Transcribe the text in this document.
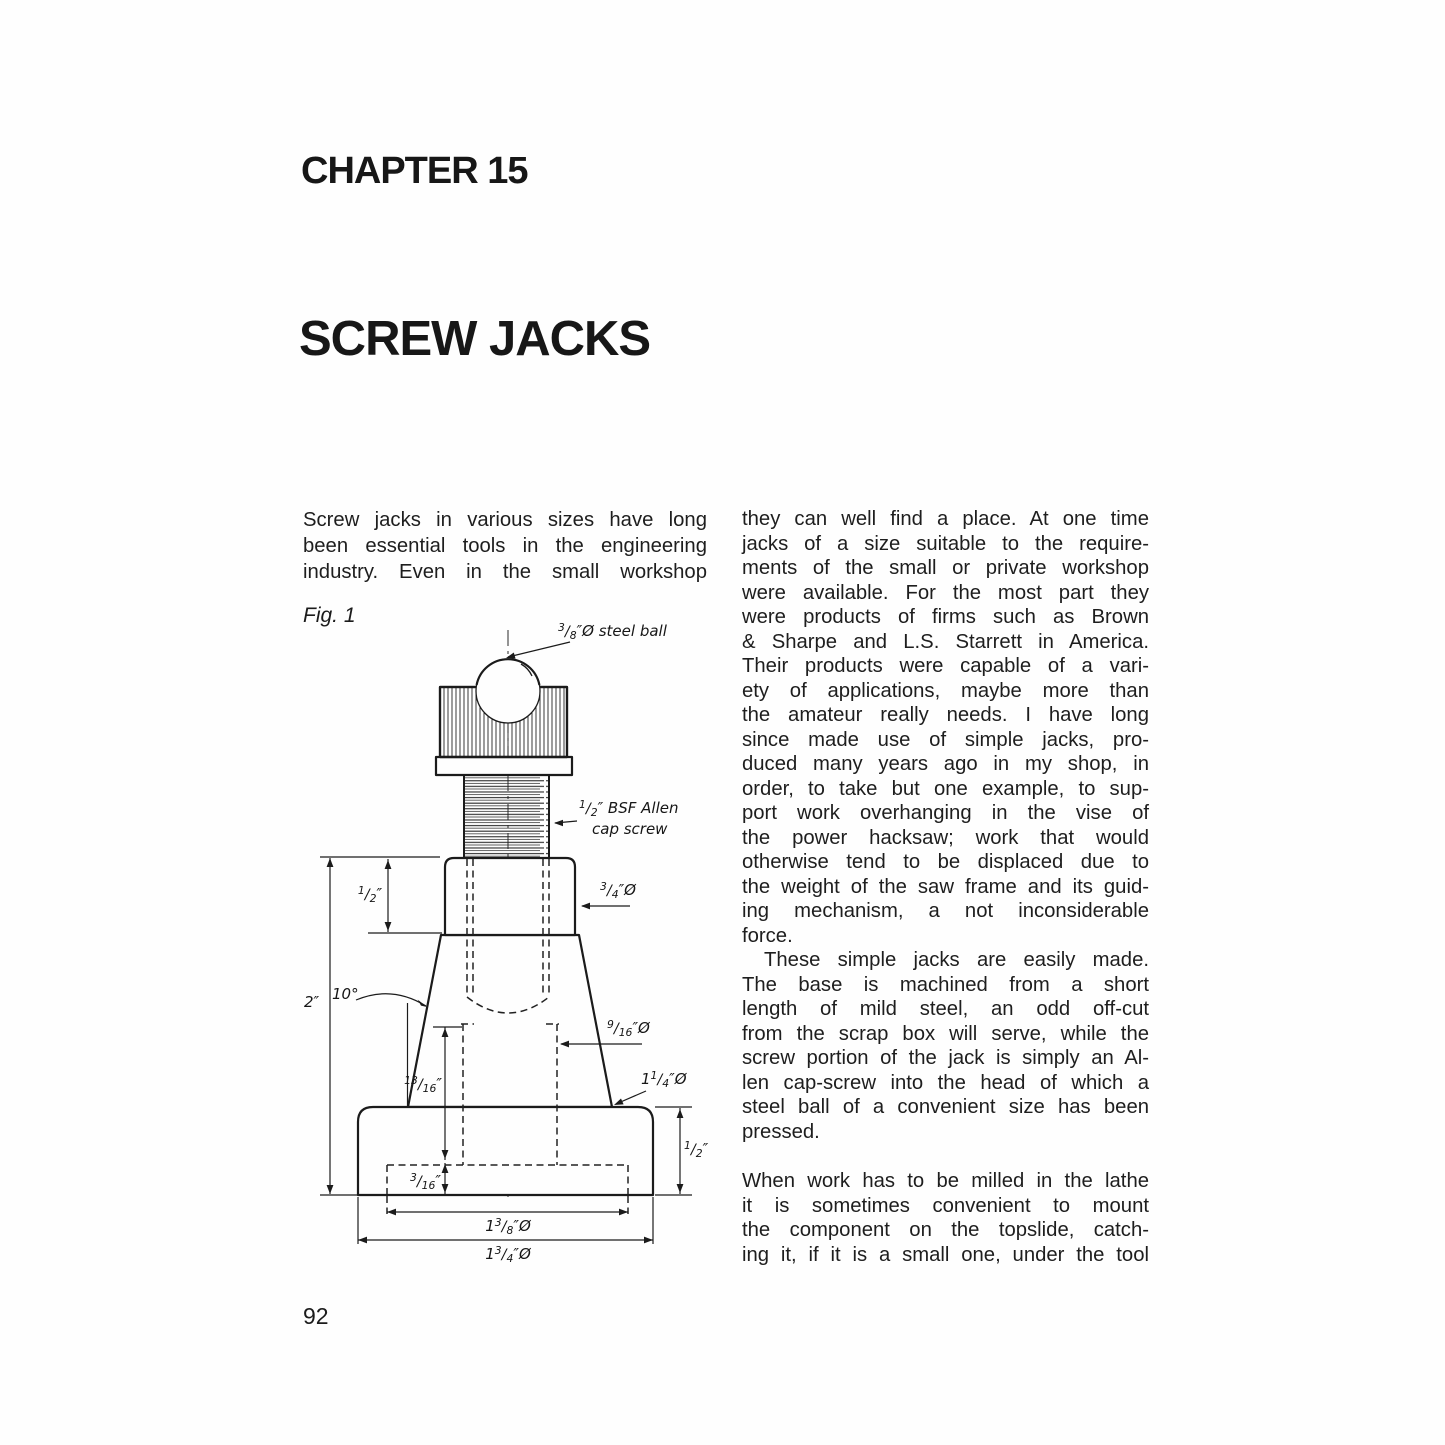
CHAPTER 15
SCREW JACKS
Screw jacks in various sizes have long
been essential tools in the engineering
industry. Even in the small workshop
they can well find a place. At one time
jacks of a size suitable to the require-
ments of the small or private workshop
were available. For the most part they
were products of firms such as Brown
& Sharpe and L.S. Starrett in America.
Their products were capable of a vari-
ety of applications, maybe more than
the amateur really needs. I have long
since made use of simple jacks, pro-
duced many years ago in my shop, in
order, to take but one example, to sup-
port work overhanging in the vise of
the power hacksaw; work that would
otherwise tend to be displaced due to
the weight of the saw frame and its guid-
ing mechanism, a not inconsiderable
force.
These simple jacks are easily made.
The base is machined from a short
length of mild steel, an odd off-cut
from the scrap box will serve, while the
screw portion of the jack is simply an Al-
len cap-screw into the head of which a
steel ball of a convenient size has been
pressed.
When work has to be milled in the lathe
it is sometimes convenient to mount
the component on the topslide, catch-
ing it, if it is a small one, under the tool
Fig. 1
$^3/_8''Ø$ steel ball
$^1/_2''$ BSF Allen
cap screw
2″
$^1/_2''$	$^3/_4''Ø$
10°
$^9/_{16}''Ø$
$^{13}/_{16}''$	$1^1/_4''Ø$
$^1/_2''$
$^3/_{16}''$
$1^3/_8''Ø$
$1^3/_4''Ø$
92
